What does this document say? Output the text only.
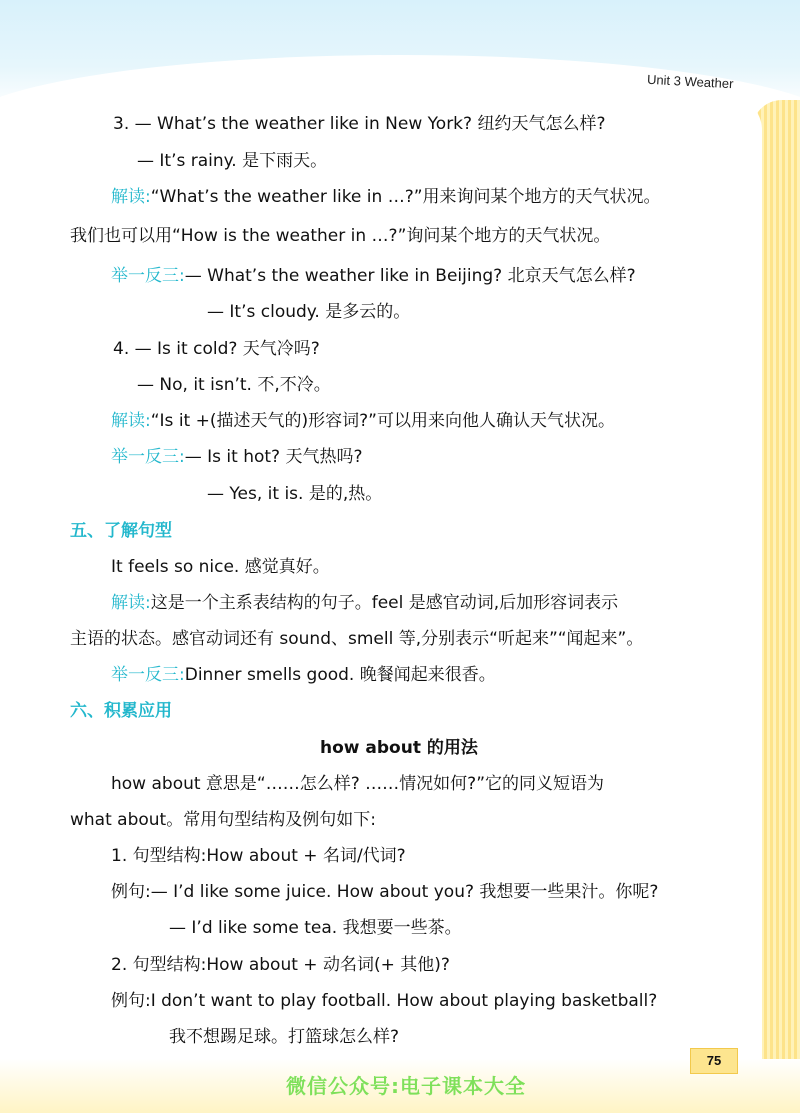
Unit 3 Weather
3. — What’s the weather like in New York? 纽约天气怎么样?
— It’s rainy. 是下雨天。
解读:“What’s the weather like in …?”用来询问某个地方的天气状况。
我们也可以用“How is the weather in …?”询问某个地方的天气状况。
举一反三:— What’s the weather like in Beijing? 北京天气怎么样?
— It’s cloudy. 是多云的。
4. — Is it cold? 天气冷吗?
— No, it isn’t. 不,不冷。
解读:“Is it +(描述天气的)形容词?”可以用来向他人确认天气状况。
举一反三:— Is it hot? 天气热吗?
— Yes, it is. 是的,热。
五、了解句型
It feels so nice. 感觉真好。
解读:这是一个主系表结构的句子。feel 是感官动词,后加形容词表示
主语的状态。感官动词还有 sound、smell 等,分别表示“听起来”“闻起来”。
举一反三:Dinner smells good. 晚餐闻起来很香。
六、积累应用
how about 的用法
how about 意思是“……怎么样? ……情况如何?”它的同义短语为
what about。常用句型结构及例句如下:
1. 句型结构:How about + 名词/代词?
例句:— I’d like some juice. How about you? 我想要一些果汁。你呢?
— I’d like some tea. 我想要一些茶。
2. 句型结构:How about + 动名词(+ 其他)?
例句:I don’t want to play football. How about playing basketball?
我不想踢足球。打篮球怎么样?
75
微信公众号:电子课本大全
